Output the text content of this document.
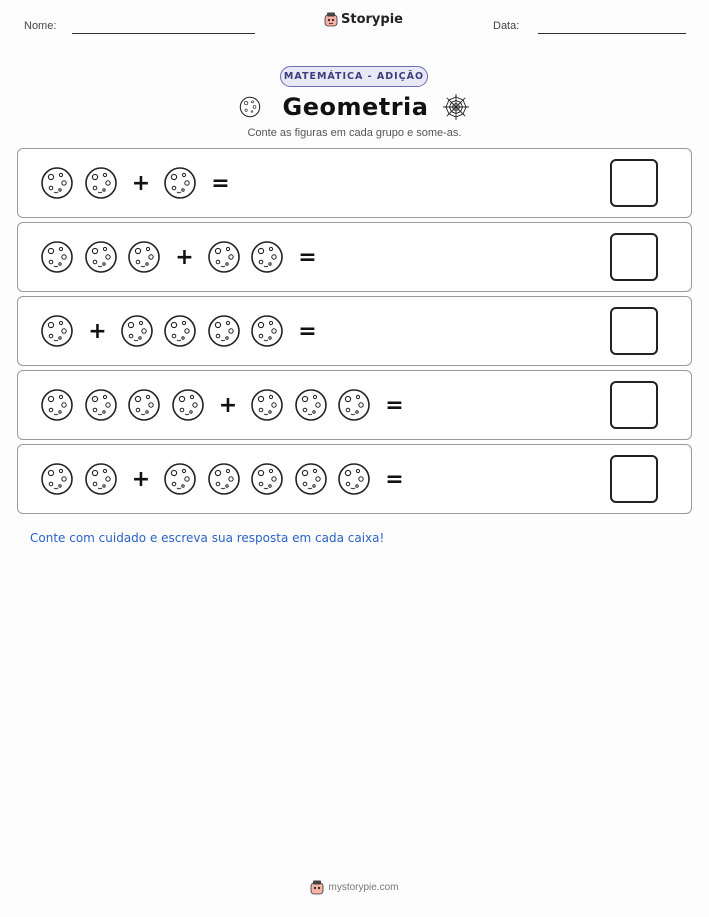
Nome:	Storypie	Data:
MATEMÁTICA - ADIÇÃO
Geometria
Conte as figuras em cada grupo e some-as.
+	=
+	=
+	=
+	=
+	=
Conte com cuidado e escreva sua resposta em cada caixa!
mystorypie.com
